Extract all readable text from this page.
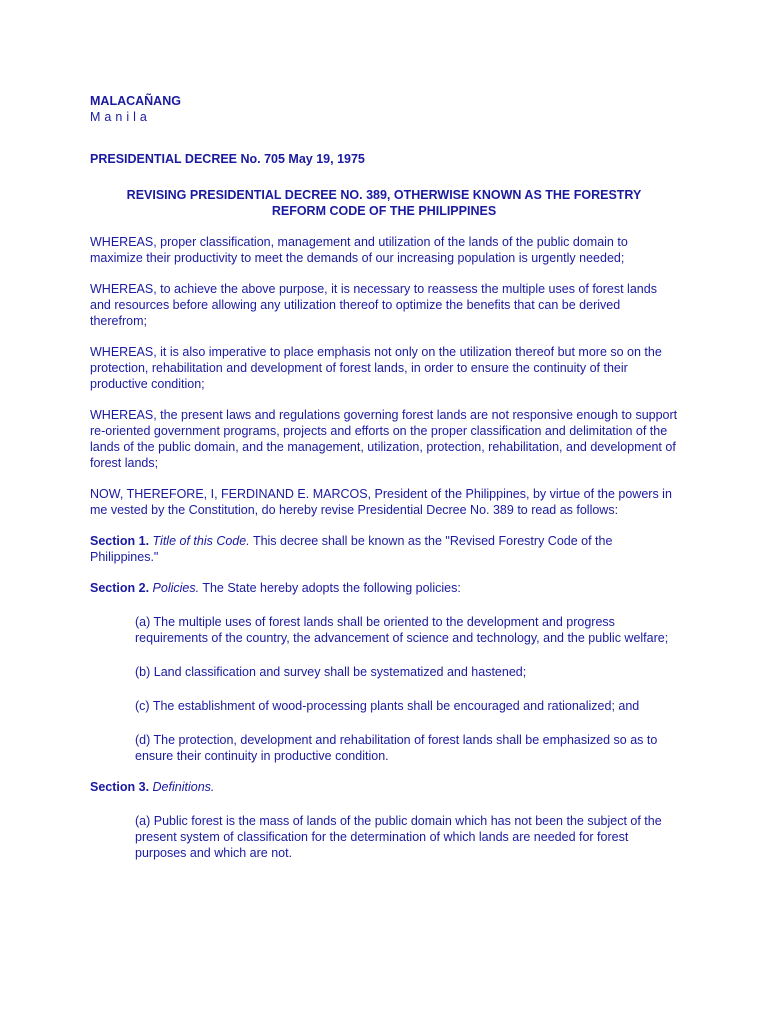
MALACAÑANG

Manila

PRESIDENTIAL DECREE No. 705 May 19, 1975

REVISING PRESIDENTIAL DECREE NO. 389, OTHERWISE KNOWN AS THE FORESTRY REFORM CODE OF THE PHILIPPINES

WHEREAS, proper classification, management and utilization of the lands of the public domain to maximize their productivity to meet the demands of our increasing population is urgently needed;

WHEREAS, to achieve the above purpose, it is necessary to reassess the multiple uses of forest lands and resources before allowing any utilization thereof to optimize the benefits that can be derived therefrom;

WHEREAS, it is also imperative to place emphasis not only on the utilization thereof but more so on the protection, rehabilitation and development of forest lands, in order to ensure the continuity of their productive condition;

WHEREAS, the present laws and regulations governing forest lands are not responsive enough to support re-oriented government programs, projects and efforts on the proper classification and delimitation of the lands of the public domain, and the management, utilization, protection, rehabilitation, and development of forest lands;

NOW, THEREFORE, I, FERDINAND E. MARCOS, President of the Philippines, by virtue of the powers in me vested by the Constitution, do hereby revise Presidential Decree No. 389 to read as follows:

Section 1. Title of this Code. This decree shall be known as the "Revised Forestry Code of the Philippines."

Section 2. Policies. The State hereby adopts the following policies:

(a) The multiple uses of forest lands shall be oriented to the development and progress requirements of the country, the advancement of science and technology, and the public welfare;

(b) Land classification and survey shall be systematized and hastened;

(c) The establishment of wood-processing plants shall be encouraged and rationalized; and

(d) The protection, development and rehabilitation of forest lands shall be emphasized so as to ensure their continuity in productive condition.

Section 3. Definitions.

(a) Public forest is the mass of lands of the public domain which has not been the subject of the present system of classification for the determination of which lands are needed for forest purposes and which are not.
